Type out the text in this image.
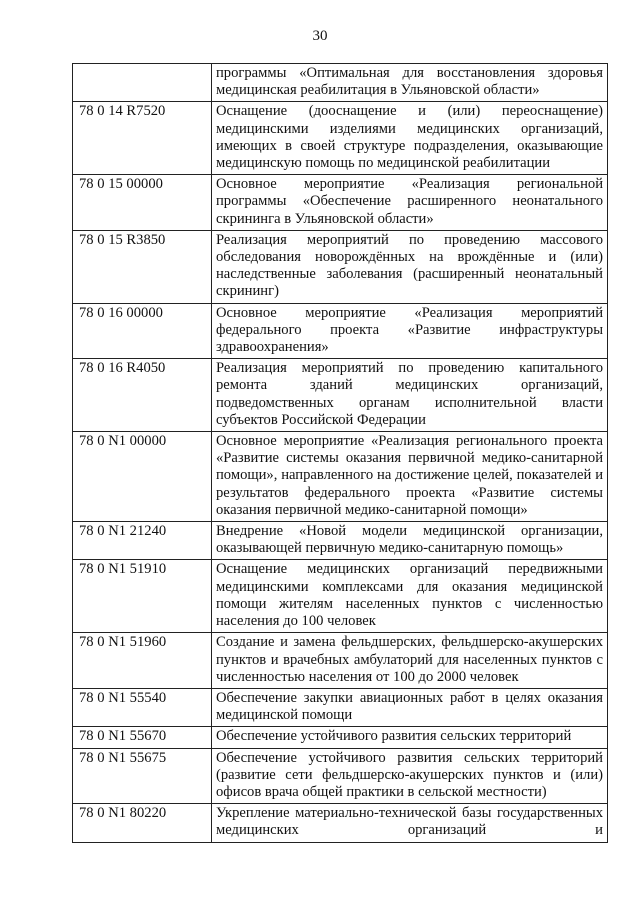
30
	программы «Оптимальная для восстановления здоровья медицинская реабилитация в Ульяновской области»
78 0 14 R7520	Оснащение (дооснащение и (или) переоснащение) медицинскими изделиями медицинских организаций, имеющих в своей структуре подразделения, оказывающие медицинскую помощь по медицинской реабилитации
78 0 15 00000	Основное мероприятие «Реализация региональной программы «Обеспечение расширенного неонатального скрининга в Ульяновской области»
78 0 15 R3850	Реализация мероприятий по проведению массового обследования новорождённых на врождённые и (или) наследственные заболевания (расширенный неонатальный скрининг)
78 0 16 00000	Основное мероприятие «Реализация мероприятий федерального проекта «Развитие инфраструктуры здравоохранения»
78 0 16 R4050	Реализация мероприятий по проведению капитального ремонта зданий медицинских организаций, подведомственных органам исполнительной власти субъектов Российской Федерации
78 0 N1 00000	Основное мероприятие «Реализация регионального проекта «Развитие системы оказания первичной медико-санитарной помощи», направленного на достижение целей, показателей и результатов федерального проекта «Развитие системы оказания первичной медико-санитарной помощи»
78 0 N1 21240	Внедрение «Новой модели медицинской организации, оказывающей первичную медико-санитарную помощь»
78 0 N1 51910	Оснащение медицинских организаций передвижными медицинскими комплексами для оказания медицинской помощи жителям населенных пунктов с численностью населения до 100 человек
78 0 N1 51960	Создание и замена фельдшерских, фельдшерско-акушерских пунктов и врачебных амбулаторий для населенных пунктов с численностью населения от 100 до 2000 человек
78 0 N1 55540	Обеспечение закупки авиационных работ в целях оказания медицинской помощи
78 0 N1 55670	Обеспечение устойчивого развития сельских территорий
78 0 N1 55675	Обеспечение устойчивого развития сельских территорий (развитие сети фельдшерско-акушерских пунктов и (или) офисов врача общей практики в сельской местности)
78 0 N1 80220	Укрепление материально-технической базы государственных медицинских организаций и
